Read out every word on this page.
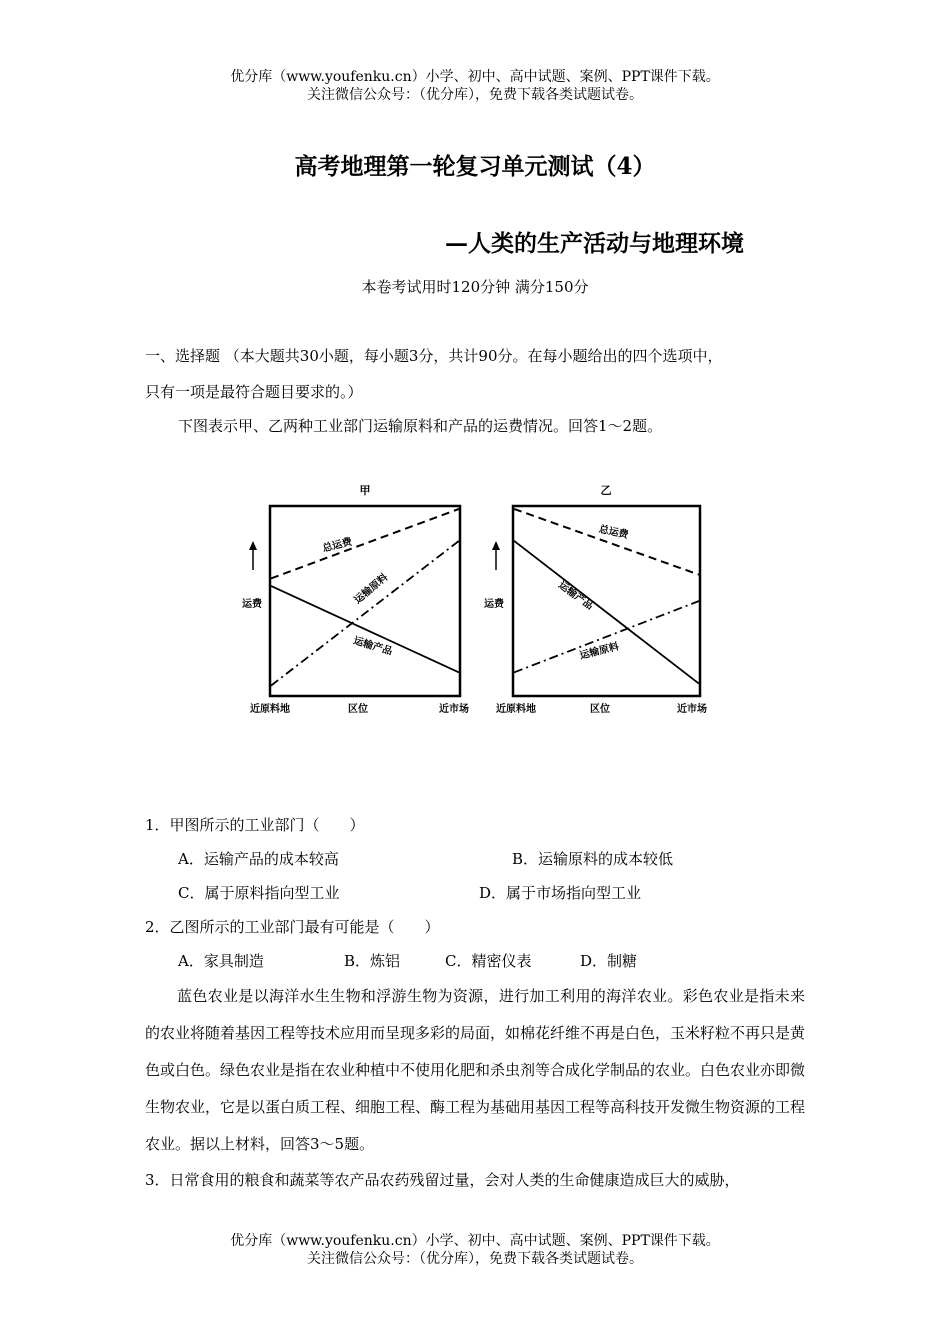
优分库（www.youfenku.cn）小学、初中、高中试题、案例、PPT课件下载。
关注微信公众号：（优分库），免费下载各类试题试卷。
高考地理第一轮复习单元测试（4）
—人类的生产活动与地理环境
本卷考试用时120分钟 满分150分
一、选择题 （本大题共30小题，每小题3分，共计90分。在每小题给出的四个选项中，
只有一项是最符合题目要求的。）
下图表示甲、乙两种工业部门运输原料和产品的运费情况。回答1～2题。
甲
运费
总运费
运输原料
运输产品
近原料地	区位	近市场
乙
运费
总运费
运输产品
运输原料
近原料地	区位	近市场
1．甲图所示的工业部门（　　）
A．运输产品的成本较高	B．运输原料的成本较低
C．属于原料指向型工业	D．属于市场指向型工业
2．乙图所示的工业部门最有可能是（　　）
A．家具制造	B．炼铝	C．精密仪表	D．制糖
蓝色农业是以海洋水生生物和浮游生物为资源，进行加工利用的海洋农业。彩色农业是指未来的农业将随着基因工程等技术应用而呈现多彩的局面，如棉花纤维不再是白色，玉米籽粒不再只是黄色或白色。绿色农业是指在农业种植中不使用化肥和杀虫剂等合成化学制品的农业。白色农业亦即微生物农业，它是以蛋白质工程、细胞工程、酶工程为基础用基因工程等高科技开发微生物资源的工程农业。据以上材料，回答3～5题。
3．日常食用的粮食和蔬菜等农产品农药残留过量，会对人类的生命健康造成巨大的威胁，
优分库（www.youfenku.cn）小学、初中、高中试题、案例、PPT课件下载。
关注微信公众号：（优分库），免费下载各类试题试卷。
